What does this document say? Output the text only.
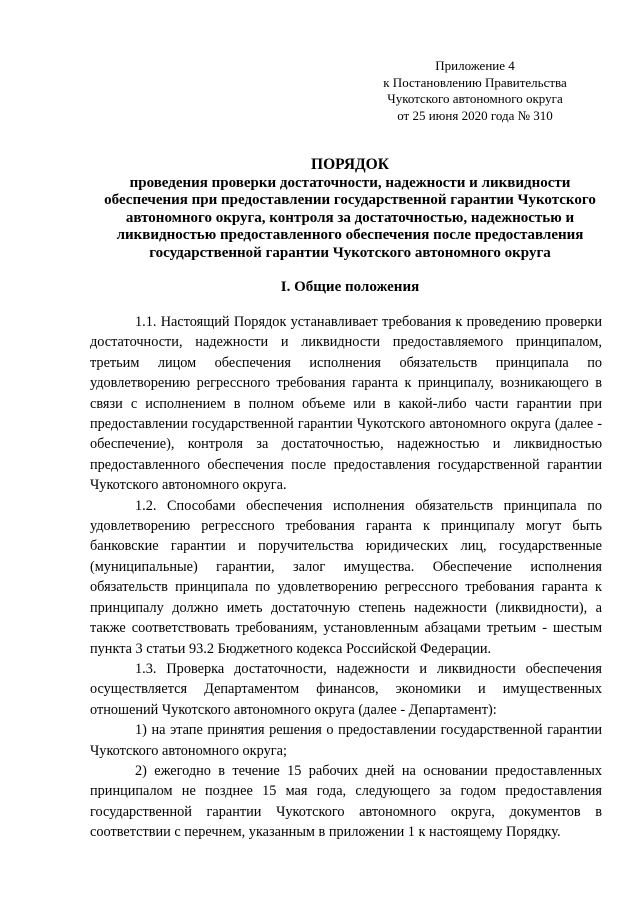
Приложение 4
к Постановлению Правительства
Чукотского автономного округа
от 25 июня 2020 года № 310
ПОРЯДОК
проведения проверки достаточности, надежности и ликвидности
обеспечения при предоставлении государственной гарантии Чукотского
автономного округа, контроля за достаточностью, надежностью и
ликвидностью предоставленного обеспечения после предоставления
государственной гарантии Чукотского автономного округа
I. Общие положения

1.1. Настоящий Порядок устанавливает требования к проведению проверки достаточности, надежности и ликвидности предоставляемого принципалом, третьим лицом обеспечения исполнения обязательств принципала по удовлетворению регрессного требования гаранта к принципалу, возникающего в связи с исполнением в полном объеме или в какой-либо части гарантии при предоставлении государственной гарантии Чукотского автономного округа (далее - обеспечение), контроля за достаточностью, надежностью и ликвидностью предоставленного обеспечения после предоставления государственной гарантии Чукотского автономного округа.

1.2. Способами обеспечения исполнения обязательств принципала по удовлетворению регрессного требования гаранта к принципалу могут быть банковские гарантии и поручительства юридических лиц, государственные (муниципальные) гарантии, залог имущества. Обеспечение исполнения обязательств принципала по удовлетворению регрессного требования гаранта к принципалу должно иметь достаточную степень надежности (ликвидности), а также соответствовать требованиям, установленным абзацами третьим - шестым пункта 3 статьи 93.2 Бюджетного кодекса Российской Федерации.

1.3. Проверка достаточности, надежности и ликвидности обеспечения осуществляется Департаментом финансов, экономики и имущественных отношений Чукотского автономного округа (далее - Департамент):

1) на этапе принятия решения о предоставлении государственной гарантии Чукотского автономного округа;

2) ежегодно в течение 15 рабочих дней на основании предоставленных принципалом не позднее 15 мая года, следующего за годом предоставления государственной гарантии Чукотского автономного округа, документов в соответствии с перечнем, указанным в приложении 1 к настоящему Порядку.
